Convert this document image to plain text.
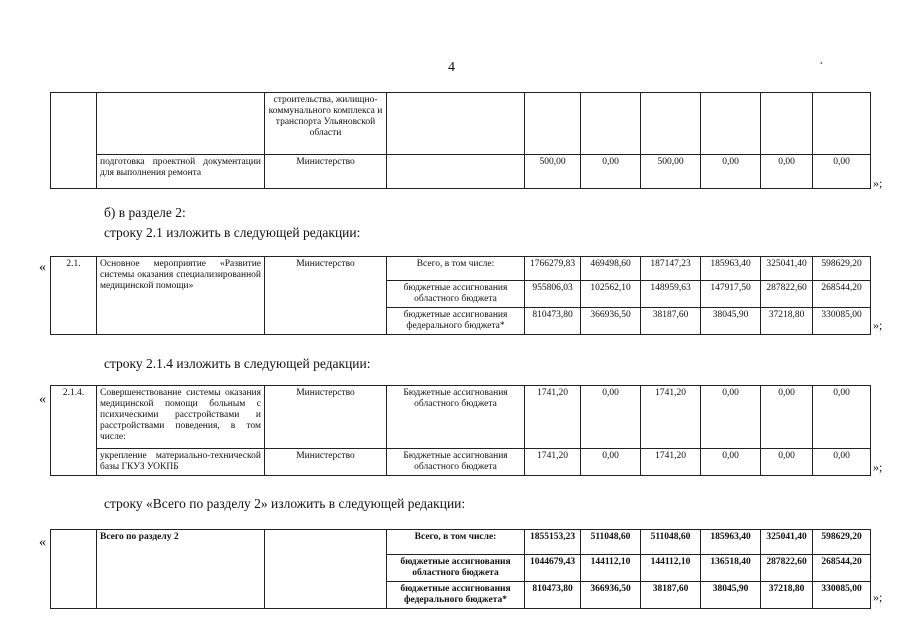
4
˛
		строительства, жилищно-коммунального комплекса и транспорта Ульяновской области							
	подготовка проектной документации для выполнения ремонта	Министерство		500,00	0,00	500,00	0,00	0,00	0,00
»;
б) в разделе 2:
строку 2.1 изложить в следующей редакции:
« 2.1.	Основное мероприятие «Развитие системы оказания специализированной медицинской помощи»	Министерство	Всего, в том числе:	1766279,83	469498,60	187147,23	185963,40	325041,40	598629,20
			бюджетные ассигнования областного бюджета	955806,03	102562,10	148959,63	147917,50	287822,60	268544,20
			бюджетные ассигнования федерального бюджета*	810473,80	366936,50	38187,60	38045,90	37218,80	330085,00
»;
строку 2.1.4 изложить в следующей редакции:
« 2.1.4.	Совершенствование системы оказания медицинской помощи больным с психическими расстройствами и расстройствами поведения, в том числе:	Министерство	Бюджетные ассигнования областного бюджета	1741,20	0,00	1741,20	0,00	0,00	0,00
	укрепление материально-технической базы ГКУЗ УОКПБ	Министерство	Бюджетные ассигнования областного бюджета	1741,20	0,00	1741,20	0,00	0,00	0,00
»;
строку «Всего по разделу 2» изложить в следующей редакции:
«
		Всего по разделу 2		Всего, в том числе:	1855153,23	511048,60	511048,60	185963,40	325041,40	598629,20
			бюджетные ассигнования областного бюджета	1044679,43	144112,10	144112,10	136518,40	287822,60	268544,20
			бюджетные ассигнования федерального бюджета*	810473,80	366936,50	38187,60	38045,90	37218,80	330085,00
»;
